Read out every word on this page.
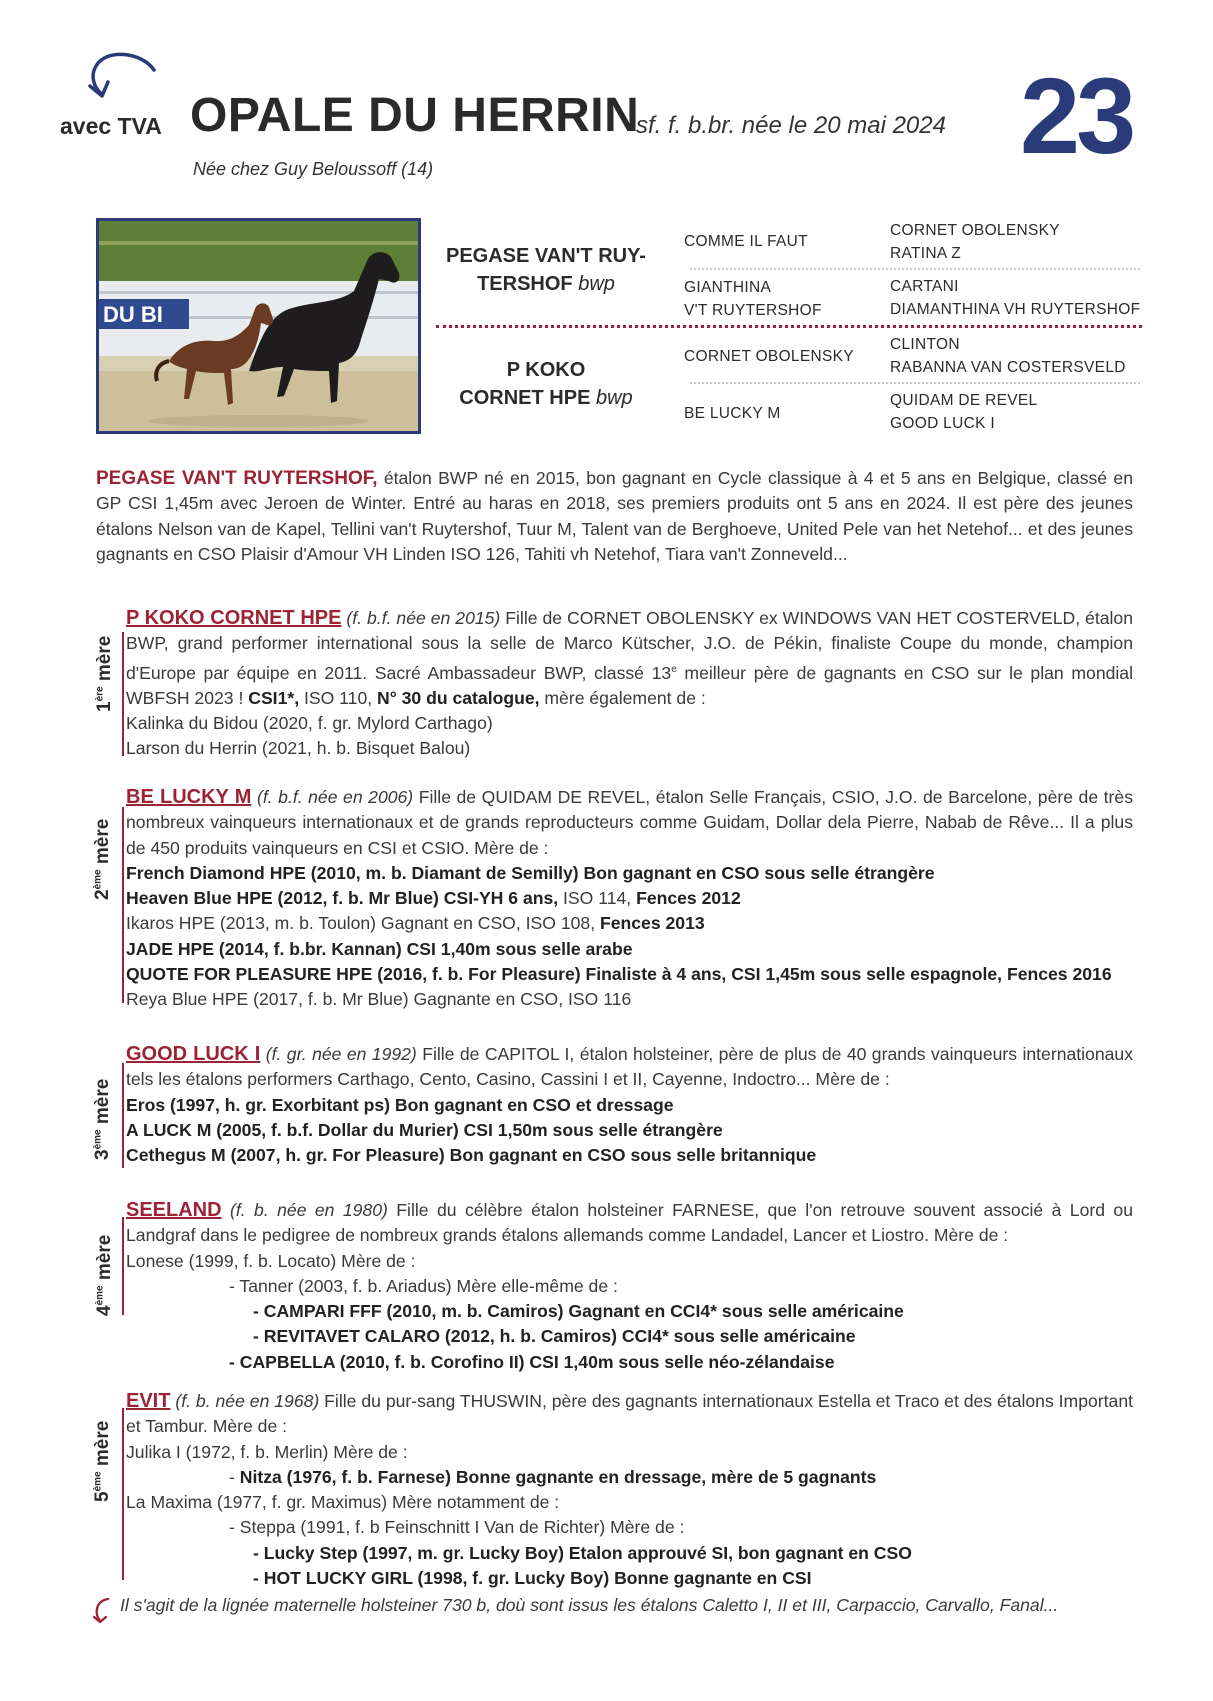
avec TVA OPALE DU HERRIN
sf. f. b.br. née le 20 mai 2024 23
Née chez Guy Beloussoff (14)
DU BI
PEGASE VAN'T RUY-
TERSHOF bwp
P KOKO
CORNET HPE bwp
COMME IL FAUT
GIANTHINA
V'T RUYTERSHOF
CORNET OBOLENSKY
BE LUCKY M
CORNET OBOLENSKY
RATINA Z
CARTANI
DIAMANTHINA VH RUYTERSHOF
CLINTON
RABANNA VAN COSTERSVELD
QUIDAM DE REVEL
GOOD LUCK I
PEGASE VAN'T RUYTERSHOF, étalon BWP né en 2015, bon gagnant en Cycle classique à 4 et 5 ans en Belgique, classé en GP CSI 1,45m avec Jeroen de Winter. Entré au haras en 2018, ses premiers produits ont 5 ans en 2024. Il est père des jeunes étalons Nelson van de Kapel, Tellini van't Ruytershof, Tuur M, Talent van de Berghoeve, United Pele van het Netehof... et des jeunes gagnants en CSO Plaisir d'Amour VH Linden ISO 126, Tahiti vh Netehof, Tiara van't Zonneveld...
1ère mère
P KOKO CORNET HPE (f. b.f. née en 2015) Fille de CORNET OBOLENSKY ex WINDOWS VAN HET COSTERVELD, étalon BWP, grand performer international sous la selle de Marco Kütscher, J.O. de Pékin, finaliste Coupe du monde, champion d'Europe par équipe en 2011. Sacré Ambassadeur BWP, classé 13e meilleur père de gagnants en CSO sur le plan mondial WBFSH 2023 ! CSI1*, ISO 110, N° 30 du catalogue, mère également de :
Kalinka du Bidou (2020, f. gr. Mylord Carthago)
Larson du Herrin (2021, h. b. Bisquet Balou)
2ème mère
BE LUCKY M (f. b.f. née en 2006) Fille de QUIDAM DE REVEL, étalon Selle Français, CSIO, J.O. de Barcelone, père de très nombreux vainqueurs internationaux et de grands reproducteurs comme Guidam, Dollar dela Pierre, Nabab de Rêve... Il a plus de 450 produits vainqueurs en CSI et CSIO. Mère de :
French Diamond HPE (2010, m. b. Diamant de Semilly) Bon gagnant en CSO sous selle étrangère
Heaven Blue HPE (2012, f. b. Mr Blue) CSI-YH 6 ans, ISO 114, Fences 2012
Ikaros HPE (2013, m. b. Toulon) Gagnant en CSO, ISO 108, Fences 2013
JADE HPE (2014, f. b.br. Kannan) CSI 1,40m sous selle arabe
QUOTE FOR PLEASURE HPE (2016, f. b. For Pleasure) Finaliste à 4 ans, CSI 1,45m sous selle espagnole, Fences 2016
Reya Blue HPE (2017, f. b. Mr Blue) Gagnante en CSO, ISO 116
3ème mère
GOOD LUCK I (f. gr. née en 1992) Fille de CAPITOL I, étalon holsteiner, père de plus de 40 grands vainqueurs internationaux tels les étalons performers Carthago, Cento, Casino, Cassini I et II, Cayenne, Indoctro... Mère de :
Eros (1997, h. gr. Exorbitant ps) Bon gagnant en CSO et dressage
A LUCK M (2005, f. b.f. Dollar du Murier) CSI 1,50m sous selle étrangère
Cethegus M (2007, h. gr. For Pleasure) Bon gagnant en CSO sous selle britannique
4ème mère
SEELAND (f. b. née en 1980) Fille du célèbre étalon holsteiner FARNESE, que l'on retrouve souvent associé à Lord ou Landgraf dans le pedigree de nombreux grands étalons allemands comme Landadel, Lancer et Liostro. Mère de :
Lonese (1999, f. b. Locato) Mère de :
- Tanner (2003, f. b. Ariadus) Mère elle-même de :
- CAMPARI FFF (2010, m. b. Camiros) Gagnant en CCI4* sous selle américaine
- REVITAVET CALARO (2012, h. b. Camiros) CCI4* sous selle américaine
- CAPBELLA (2010, f. b. Corofino II) CSI 1,40m sous selle néo-zélandaise
5ème mère
EVIT (f. b. née en 1968) Fille du pur-sang THUSWIN, père des gagnants internationaux Estella et Traco et des étalons Important et Tambur. Mère de :
Julika I (1972, f. b. Merlin) Mère de :
- Nitza (1976, f. b. Farnese) Bonne gagnante en dressage, mère de 5 gagnants
La Maxima (1977, f. gr. Maximus) Mère notamment de :
- Steppa (1991, f. b Feinschnitt I Van de Richter) Mère de :
- Lucky Step (1997, m. gr. Lucky Boy) Etalon approuvé SI, bon gagnant en CSO
- HOT LUCKY GIRL (1998, f. gr. Lucky Boy) Bonne gagnante en CSI
Il s'agit de la lignée maternelle holsteiner 730 b, doù sont issus les étalons Caletto I, II et III, Carpaccio, Carvallo, Fanal...
